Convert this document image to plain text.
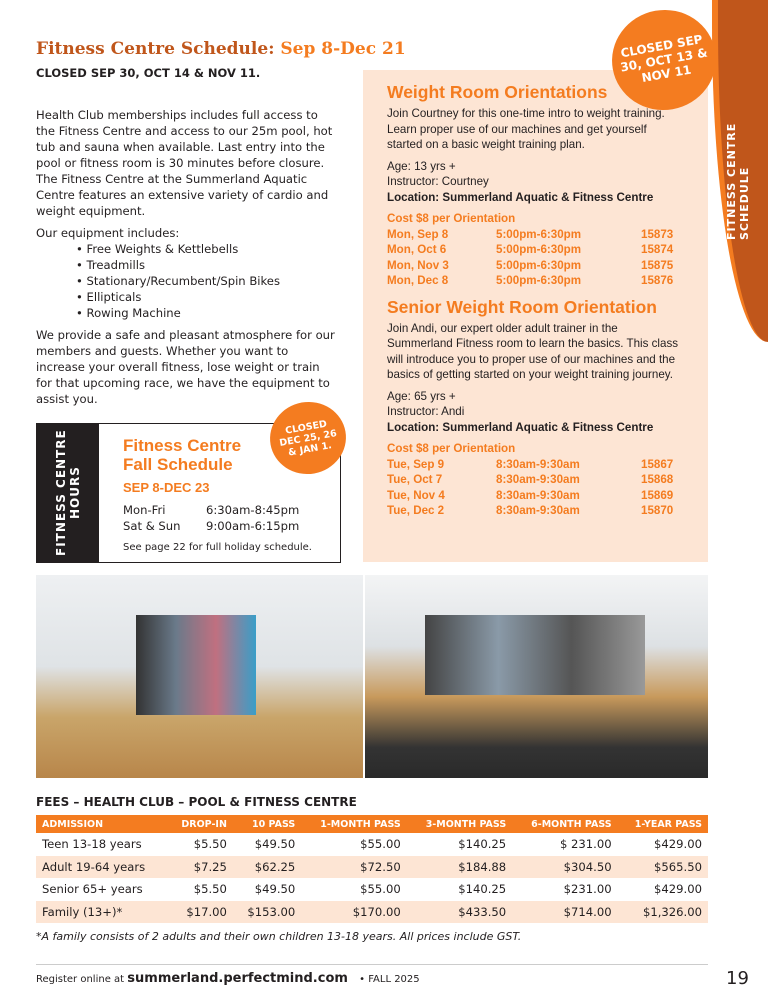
FITNESS CENTRE SCHEDULE
Fitness Centre Schedule: Sep 8-Dec 21
CLOSED SEP 30, OCT 14 & NOV 11.

Health Club memberships includes full access to the Fitness Centre and access to our 25m pool, hot tub and sauna when available. Last entry into the pool or fitness room is 30 minutes before closure.

The Fitness Centre at the Summerland Aquatic Centre features an extensive variety of cardio and weight equipment.

Our equipment includes:

• Free Weights & Kettlebells
• Treadmills
• Stationary/Recumbent/Spin Bikes
• Ellipticals
• Rowing Machine

We provide a safe and pleasant atmosphere for our members and guests. Whether you want to increase your overall fitness, lose weight or train for that upcoming race, we have the equipment to assist you.

Weight Room Orientations

Join Courtney for this one-time intro to weight training. Learn proper use of our machines and get yourself started on a basic weight training plan.

Age: 13 yrs +

Instructor: Courtney

Location: Summerland Aquatic & Fitness Centre

Cost $8 per Orientation

Mon, Sep 8	5:00pm-6:30pm	15873
Mon, Oct 6	5:00pm-6:30pm	15874
Mon, Nov 3	5:00pm-6:30pm	15875
Mon, Dec 8	5:00pm-6:30pm	15876
Senior Weight Room Orientation

Join Andi, our expert older adult trainer in the Summerland Fitness room to learn the basics. This class will introduce you to proper use of our machines and the basics of getting started on your weight training journey.

Age: 65 yrs +

Instructor: Andi

Location: Summerland Aquatic & Fitness Centre

Cost $8 per Orientation

Tue, Sep 9	8:30am-9:30am	15867
Tue, Oct 7	8:30am-9:30am	15868
Tue, Nov 4	8:30am-9:30am	15869
Tue, Dec 2	8:30am-9:30am	15870
CLOSED SEP 30, OCT 13 & NOV 11
FITNESS CENTRE HOURS
Fitness Centre Fall Schedule
SEP 8-DEC 23
Mon-Fri	6:30am-8:45pm
Sat & Sun	9:00am-6:15pm
See page 22 for full holiday schedule.
CLOSED DEC 25, 26 & JAN 1.
FEES – HEALTH CLUB – POOL & FITNESS CENTRE
ADMISSION	DROP-IN	10 PASS	1-MONTH PASS	3-MONTH PASS	6-MONTH PASS	1-YEAR PASS
Teen 13-18 years	$5.50	$49.50	$55.00	$140.25	$ 231.00	$429.00
Adult 19-64 years	$7.25	$62.25	$72.50	$184.88	$304.50	$565.50
Senior 65+ years	$5.50	$49.50	$55.00	$140.25	$231.00	$429.00
Family (13+)*	$17.00	$153.00	$170.00	$433.50	$714.00	$1,326.00
*A family consists of 2 adults and their own children 13-18 years. All prices include GST.
Register online at summerland.perfectmind.com • FALL 2025	19
